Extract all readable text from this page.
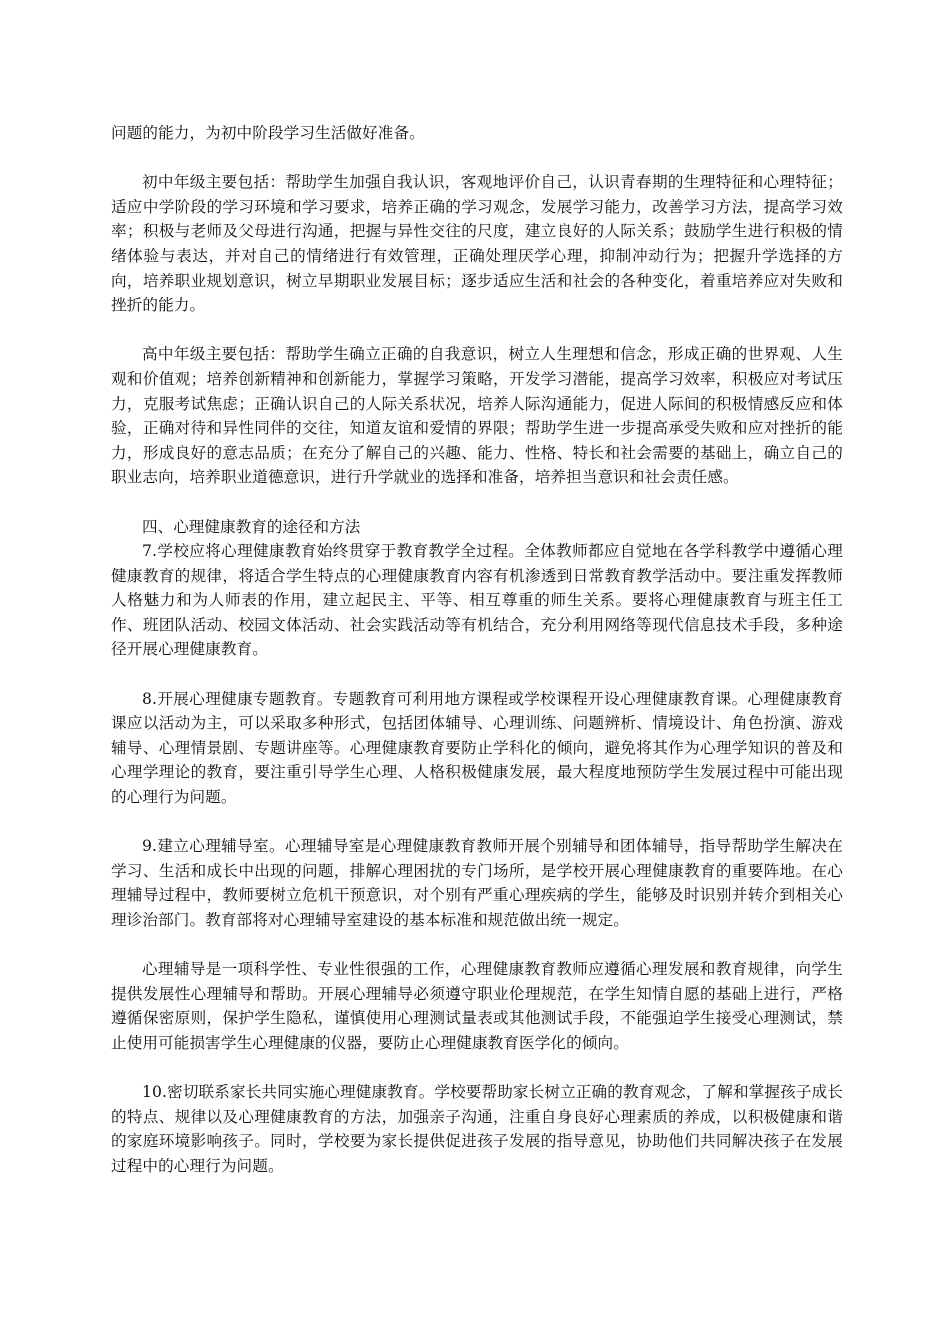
问题的能力，为初中阶段学习生活做好准备。

初中年级主要包括：帮助学生加强自我认识，客观地评价自己，认识青春期的生理特征和心理特征；适应中学阶段的学习环境和学习要求，培养正确的学习观念，发展学习能力，改善学习方法，提高学习效率；积极与老师及父母进行沟通，把握与异性交往的尺度，建立良好的人际关系；鼓励学生进行积极的情绪体验与表达，并对自己的情绪进行有效管理，正确处理厌学心理，抑制冲动行为；把握升学选择的方向，培养职业规划意识，树立早期职业发展目标；逐步适应生活和社会的各种变化，着重培养应对失败和挫折的能力。

高中年级主要包括：帮助学生确立正确的自我意识，树立人生理想和信念，形成正确的世界观、人生观和价值观；培养创新精神和创新能力，掌握学习策略，开发学习潜能，提高学习效率，积极应对考试压力，克服考试焦虑；正确认识自己的人际关系状况，培养人际沟通能力，促进人际间的积极情感反应和体验，正确对待和异性同伴的交往，知道友谊和爱情的界限；帮助学生进一步提高承受失败和应对挫折的能力，形成良好的意志品质；在充分了解自己的兴趣、能力、性格、特长和社会需要的基础上，确立自己的职业志向，培养职业道德意识，进行升学就业的选择和准备，培养担当意识和社会责任感。

四、心理健康教育的途径和方法

7.学校应将心理健康教育始终贯穿于教育教学全过程。全体教师都应自觉地在各学科教学中遵循心理健康教育的规律，将适合学生特点的心理健康教育内容有机渗透到日常教育教学活动中。要注重发挥教师人格魅力和为人师表的作用，建立起民主、平等、相互尊重的师生关系。要将心理健康教育与班主任工作、班团队活动、校园文体活动、社会实践活动等有机结合，充分利用网络等现代信息技术手段，多种途径开展心理健康教育。

8.开展心理健康专题教育。专题教育可利用地方课程或学校课程开设心理健康教育课。心理健康教育课应以活动为主，可以采取多种形式，包括团体辅导、心理训练、问题辨析、情境设计、角色扮演、游戏辅导、心理情景剧、专题讲座等。心理健康教育要防止学科化的倾向，避免将其作为心理学知识的普及和心理学理论的教育，要注重引导学生心理、人格积极健康发展，最大程度地预防学生发展过程中可能出现的心理行为问题。

9.建立心理辅导室。心理辅导室是心理健康教育教师开展个别辅导和团体辅导，指导帮助学生解决在学习、生活和成长中出现的问题，排解心理困扰的专门场所，是学校开展心理健康教育的重要阵地。在心理辅导过程中，教师要树立危机干预意识，对个别有严重心理疾病的学生，能够及时识别并转介到相关心理诊治部门。教育部将对心理辅导室建设的基本标准和规范做出统一规定。

心理辅导是一项科学性、专业性很强的工作，心理健康教育教师应遵循心理发展和教育规律，向学生提供发展性心理辅导和帮助。开展心理辅导必须遵守职业伦理规范，在学生知情自愿的基础上进行，严格遵循保密原则，保护学生隐私，谨慎使用心理测试量表或其他测试手段，不能强迫学生接受心理测试，禁止使用可能损害学生心理健康的仪器，要防止心理健康教育医学化的倾向。

10.密切联系家长共同实施心理健康教育。学校要帮助家长树立正确的教育观念，了解和掌握孩子成长的特点、规律以及心理健康教育的方法，加强亲子沟通，注重自身良好心理素质的养成，以积极健康和谐的家庭环境影响孩子。同时，学校要为家长提供促进孩子发展的指导意见，协助他们共同解决孩子在发展过程中的心理行为问题。
